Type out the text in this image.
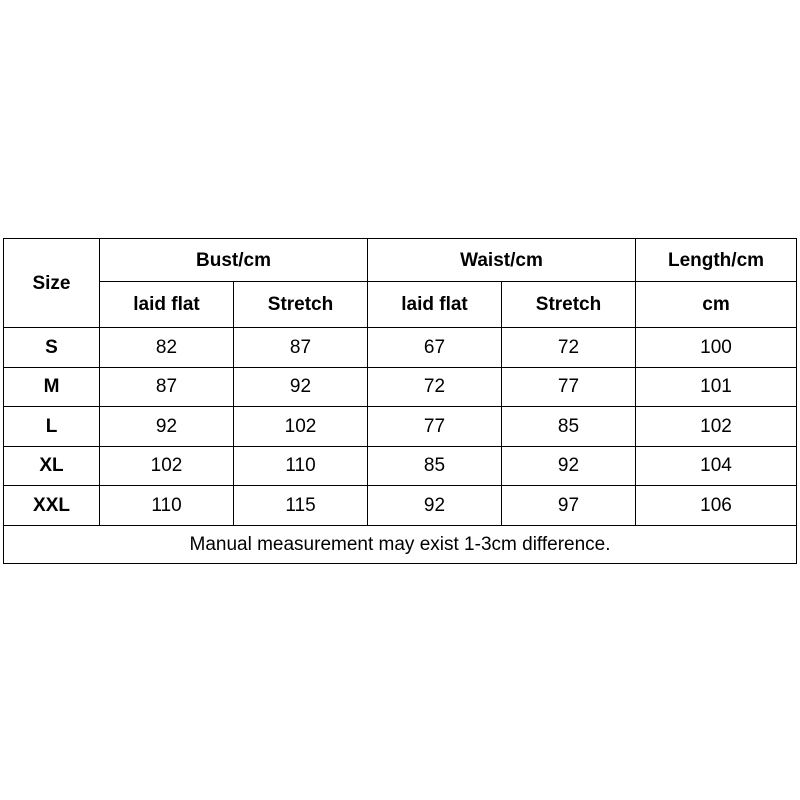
Size	Bust/cm		Waist/cm		Length/cm
	laid flat	Stretch	laid flat	Stretch	cm
S	82	87	67	72	100
M	87	92	72	77	101
L	92	102	77	85	102
XL	102	110	85	92	104
XXL	110	115	92	97	106
Manual measurement may exist 1-3cm difference.					
